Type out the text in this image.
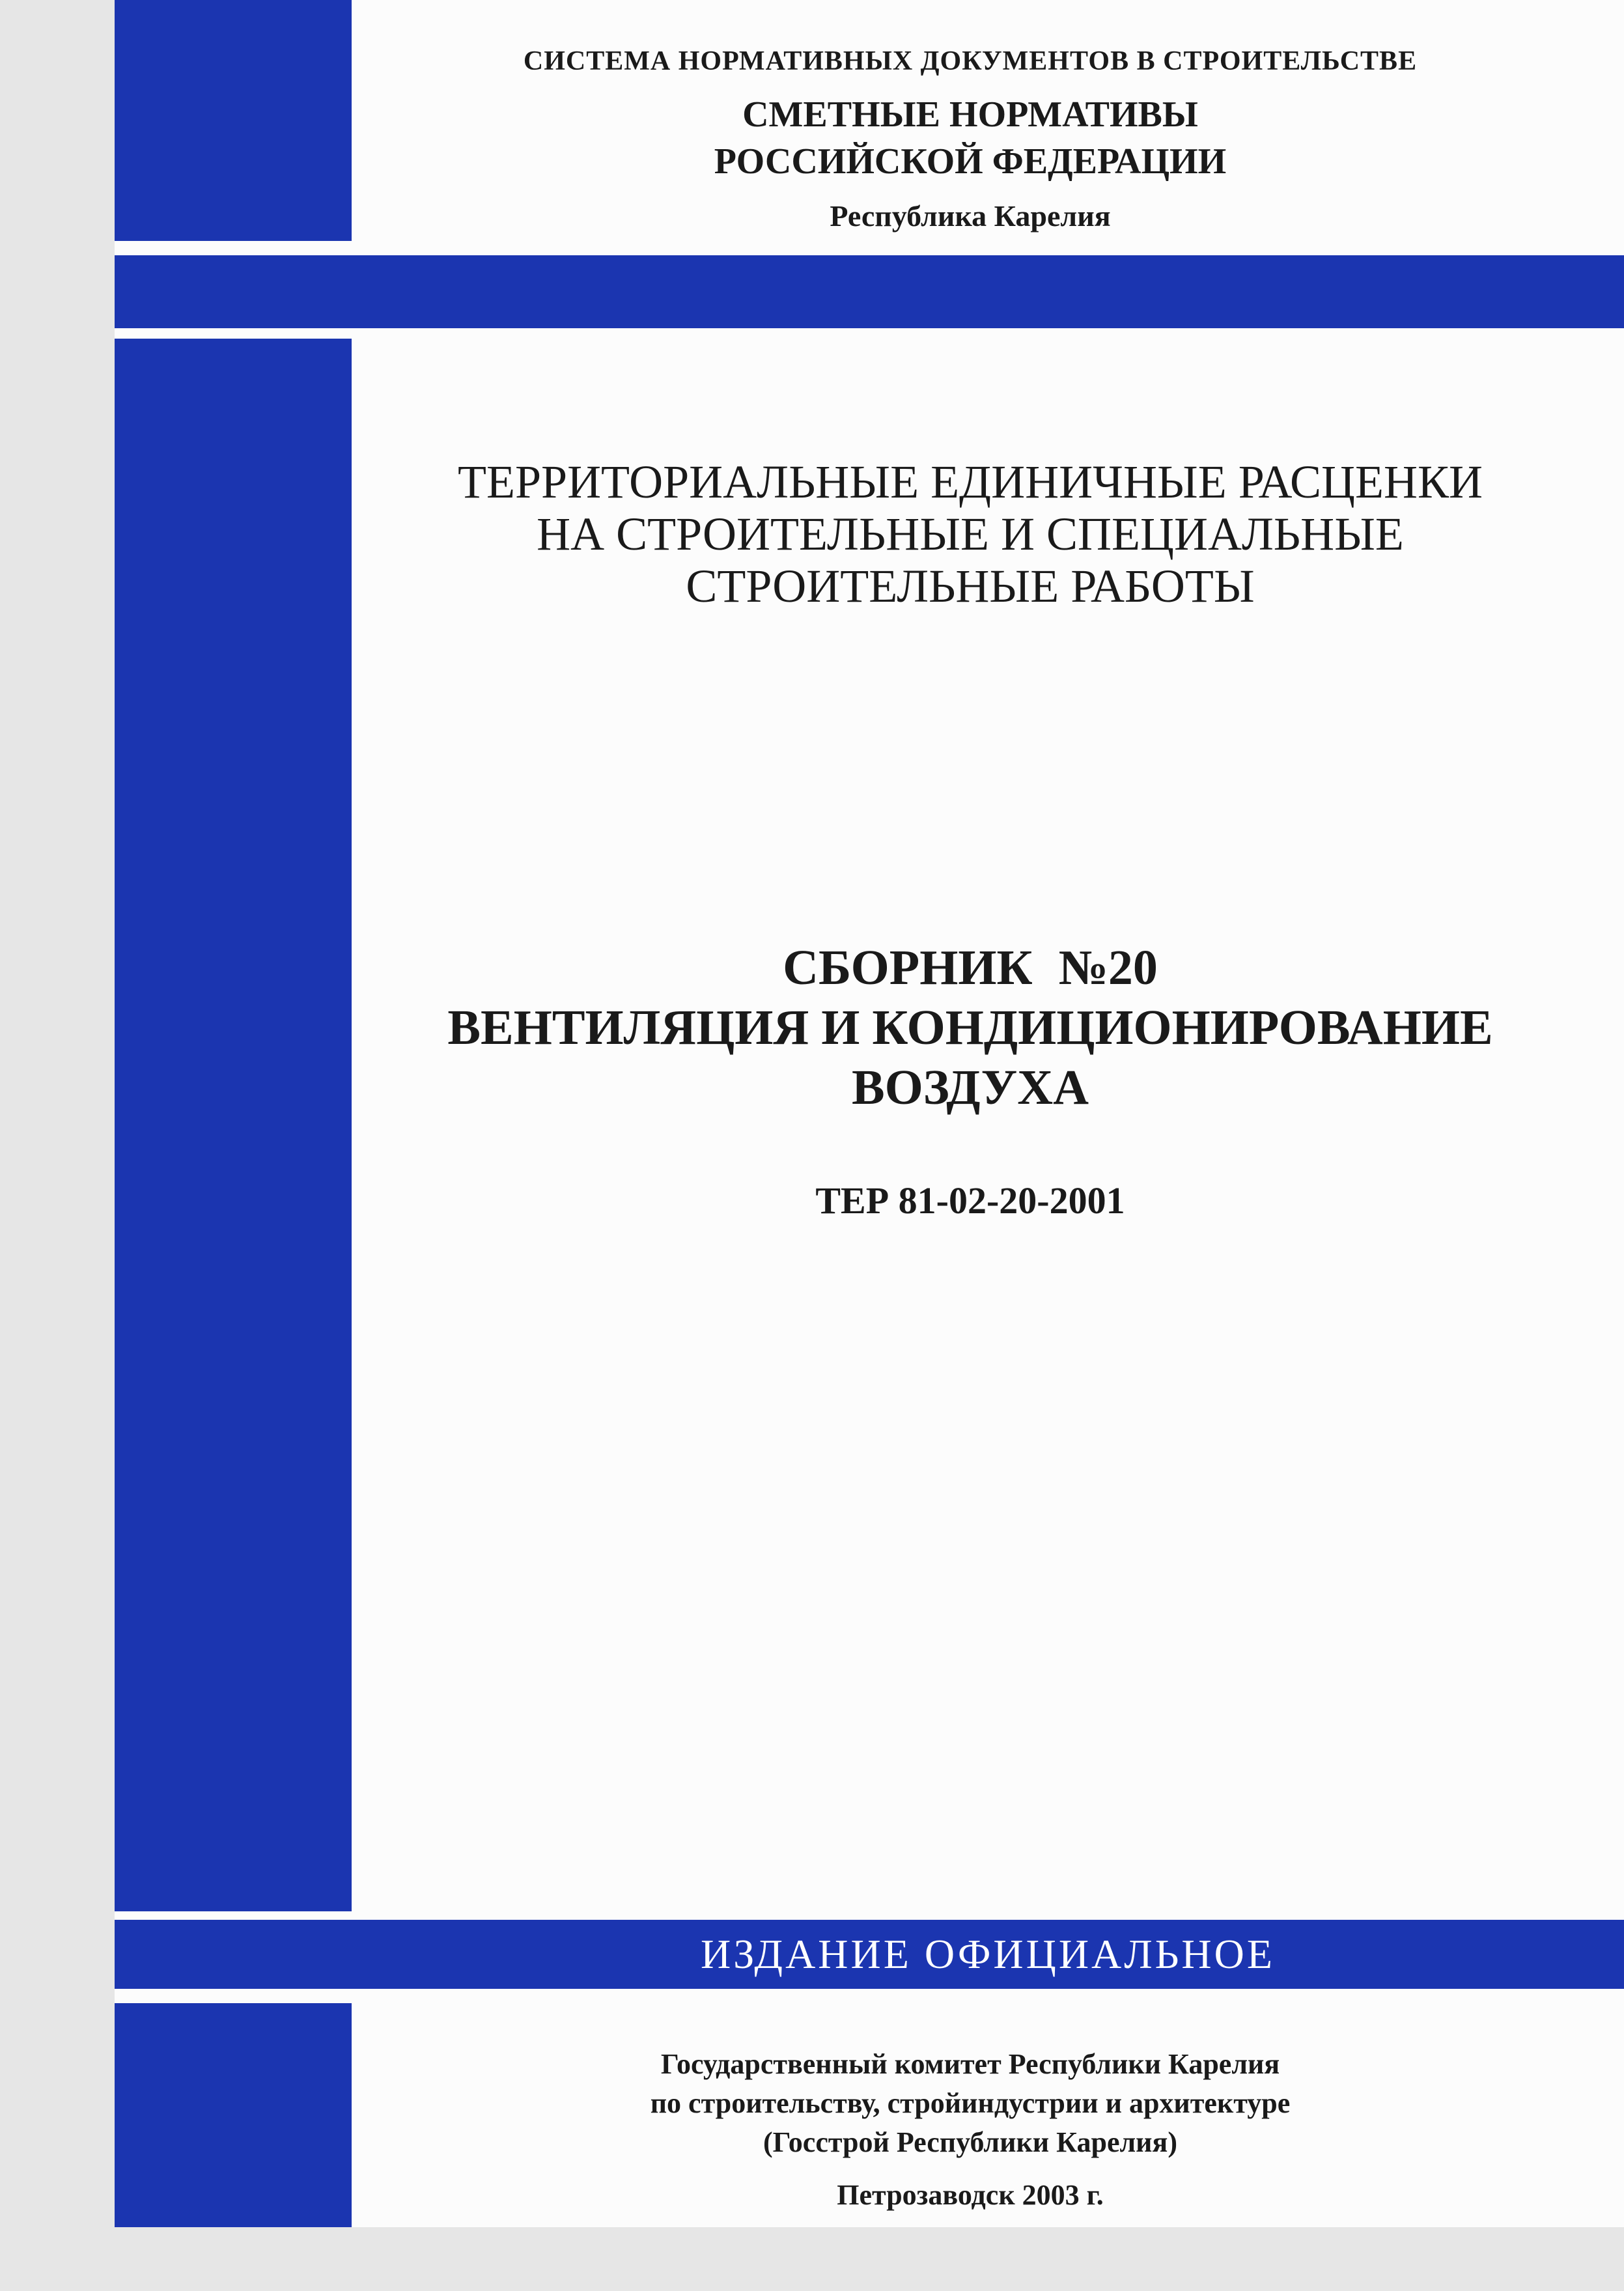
СИСТЕМА НОРМАТИВНЫХ ДОКУМЕНТОВ В СТРОИТЕЛЬСТВЕ
СМЕТНЫЕ НОРМАТИВЫ
РОССИЙСКОЙ ФЕДЕРАЦИИ
Республика Карелия
ТЕРРИТОРИАЛЬНЫЕ ЕДИНИЧНЫЕ РАСЦЕНКИ
НА СТРОИТЕЛЬНЫЕ И СПЕЦИАЛЬНЫЕ
СТРОИТЕЛЬНЫЕ РАБОТЫ
СБОРНИК №20
ВЕНТИЛЯЦИЯ И КОНДИЦИОНИРОВАНИЕ
ВОЗДУХА
ТЕР 81-02-20-2001
ИЗДАНИЕ ОФИЦИАЛЬНОЕ
Государственный комитет Республики Карелия
по строительству, стройиндустрии и архитектуре
(Госстрой Республики Карелия)
Петрозаводск 2003 г.
